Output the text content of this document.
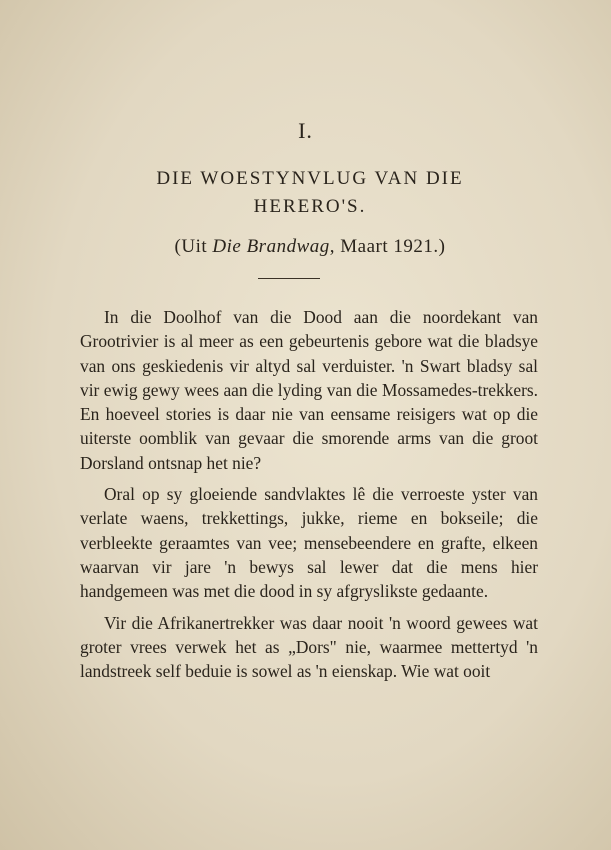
I.
DIE WOESTYNVLUG VAN DIE
HERERO'S.
(Uit Die Brandwag, Maart 1921.)

In die Doolhof van die Dood aan die noordekant van Grootrivier is al meer as een gebeurtenis gebore wat die bladsye van ons geskiedenis vir altyd sal verduister. 'n Swart bladsy sal vir ewig gewy wees aan die lyding van die Mossamedes-trekkers. En hoeveel stories is daar nie van eensame reisigers wat op die uiterste oomblik van gevaar die smorende arms van die groot Dorsland ontsnap het nie?

Oral op sy gloeiende sandvlaktes lê die verroeste yster van verlate waens, trekkettings, jukke, rieme en bokseile; die verbleekte geraamtes van vee; mensebeendere en grafte, elkeen waarvan vir jare 'n bewys sal lewer dat die mens hier handgemeen was met die dood in sy afgryslikste gedaante.

Vir die Afrikanertrekker was daar nooit 'n woord gewees wat groter vrees verwek het as „Dors" nie, waarmee mettertyd 'n landstreek self beduie is sowel as 'n eienskap. Wie wat ooit
